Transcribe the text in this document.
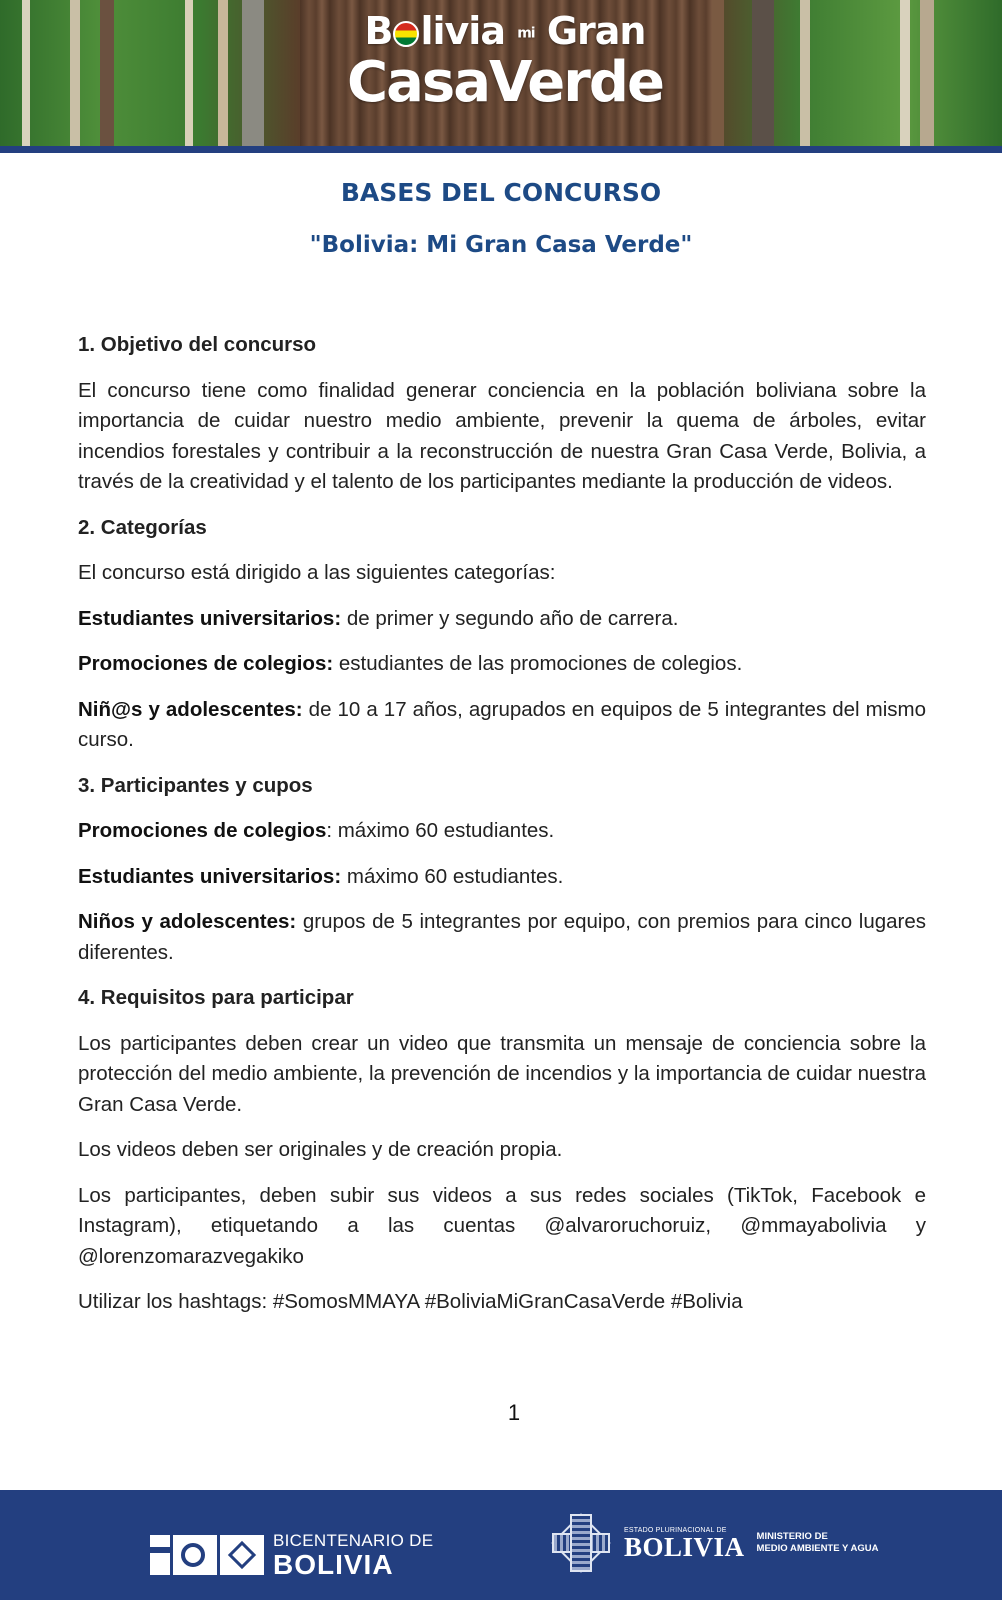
B livia mi Gran
CasaVerde
BASES DEL CONCURSO
"Bolivia: Mi Gran Casa Verde"
1. Objetivo del concurso
El concurso tiene como finalidad generar conciencia en la población boliviana sobre la importancia de cuidar nuestro medio ambiente, prevenir la quema de árboles, evitar incendios forestales y contribuir a la reconstrucción de nuestra Gran Casa Verde, Bolivia, a través de la creatividad y el talento de los participantes mediante la producción de videos.
2. Categorías
El concurso está dirigido a las siguientes categorías:
Estudiantes universitarios: de primer y segundo año de carrera.
Promociones de colegios: estudiantes de las promociones de colegios.
Niñ@s y adolescentes: de 10 a 17 años, agrupados en equipos de 5 integrantes del mismo curso.
3. Participantes y cupos
Promociones de colegios: máximo 60 estudiantes.
Estudiantes universitarios: máximo 60 estudiantes.
Niños y adolescentes: grupos de 5 integrantes por equipo, con premios para cinco lugares diferentes.
4. Requisitos para participar
Los participantes deben crear un video que transmita un mensaje de conciencia sobre la protección del medio ambiente, la prevención de incendios y la importancia de cuidar nuestra Gran Casa Verde.
Los videos deben ser originales y de creación propia.
Los participantes, deben subir sus videos a sus redes sociales (TikTok, Facebook e Instagram), etiquetando a las cuentas @alvaroruchoruiz, @mmayabolivia y @lorenzomarazvegakiko
Utilizar los hashtags: #SomosMMAYA #BoliviaMiGranCasaVerde #Bolivia
1
BICENTENARIO DE
BOLIVIA
ESTADO PLURINACIONAL DE
BOLIVIA MINISTERIO DE
MEDIO AMBIENTE Y AGUA
